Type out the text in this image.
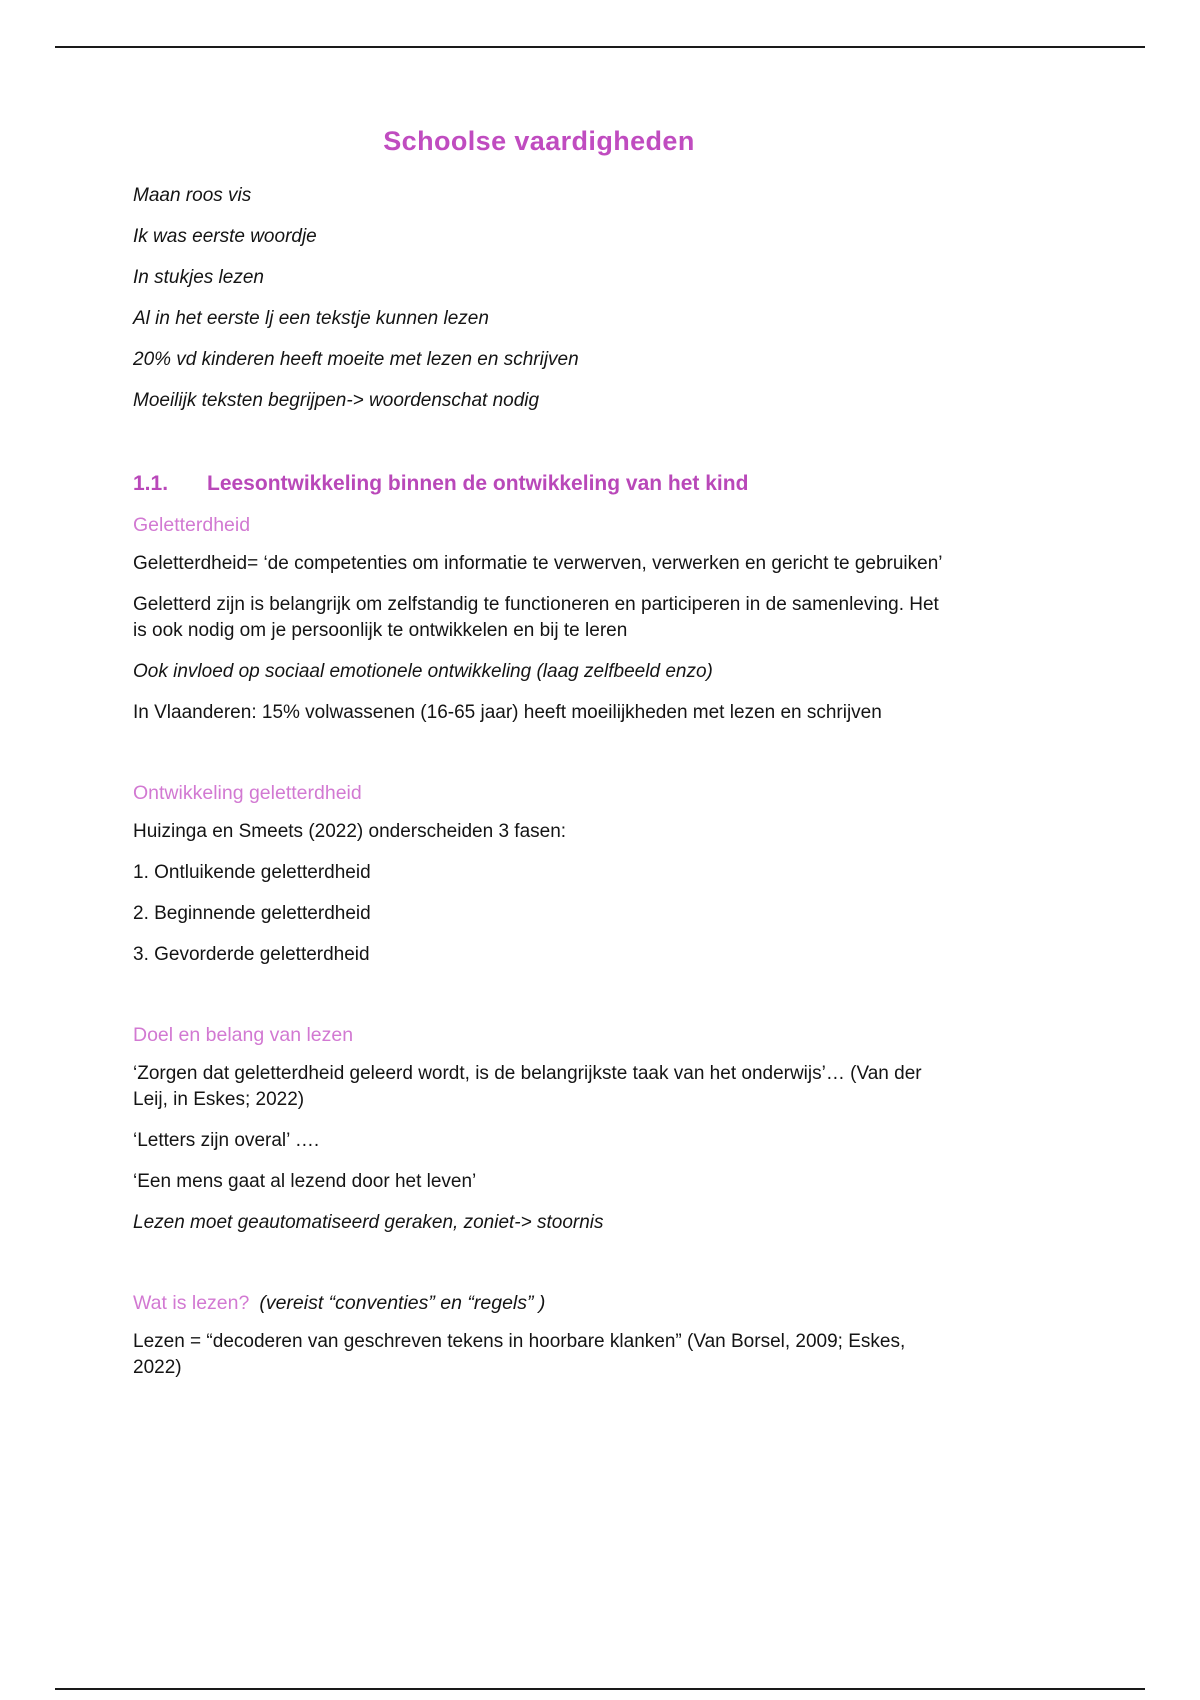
Schoolse vaardigheden

Maan roos vis

Ik was eerste woordje

In stukjes lezen

Al in het eerste lj een tekstje kunnen lezen

20% vd kinderen heeft moeite met lezen en schrijven

Moeilijk teksten begrijpen-> woordenschat nodig

1.1. Leesontwikkeling binnen de ontwikkeling van het kind
Geletterdheid

Geletterdheid= ‘de competenties om informatie te verwerven, verwerken en gericht te gebruiken’

Geletterd zijn is belangrijk om zelfstandig te functioneren en participeren in de samenleving. Het is ook nodig om je persoonlijk te ontwikkelen en bij te leren

Ook invloed op sociaal emotionele ontwikkeling (laag zelfbeeld enzo)

In Vlaanderen: 15% volwassenen (16-65 jaar) heeft moeilijkheden met lezen en schrijven

Ontwikkeling geletterdheid

Huizinga en Smeets (2022) onderscheiden 3 fasen:

1. Ontluikende geletterdheid

2. Beginnende geletterdheid

3. Gevorderde geletterdheid

Doel en belang van lezen

‘Zorgen dat geletterdheid geleerd wordt, is de belangrijkste taak van het onderwijs’… (Van der Leij, in Eskes; 2022)

‘Letters zijn overal’ ….

‘Een mens gaat al lezend door het leven’

Lezen moet geautomatiseerd geraken, zoniet-> stoornis

Wat is lezen? (vereist “conventies” en “regels” )

Lezen = “decoderen van geschreven tekens in hoorbare klanken” (Van Borsel, 2009; Eskes, 2022)
